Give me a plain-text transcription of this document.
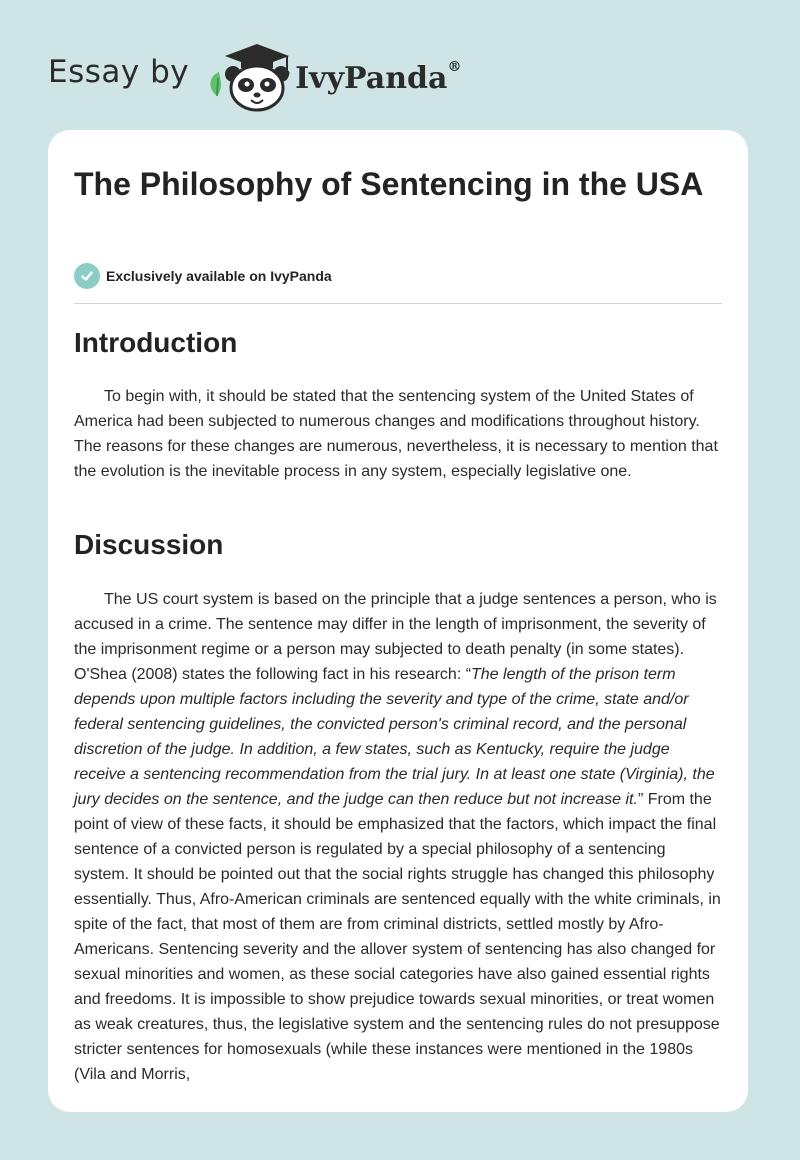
Essay by	IvyPanda®
The Philosophy of Sentencing in the USA
Exclusively available on IvyPanda
Introduction

To begin with, it should be stated that the sentencing system of the United States of America had been subjected to numerous changes and modifications throughout history. The reasons for these changes are numerous, nevertheless, it is necessary to mention that the evolution is the inevitable process in any system, especially legislative one.

Discussion

The US court system is based on the principle that a judge sentences a person, who is accused in a crime. The sentence may differ in the length of imprisonment, the severity of the imprisonment regime or a person may subjected to death penalty (in some states). O'Shea (2008) states the following fact in his research: “The length of the prison term depends upon multiple factors including the severity and type of the crime, state and/or federal sentencing guidelines, the convicted person's criminal record, and the personal discretion of the judge. In addition, a few states, such as Kentucky, require the judge receive a sentencing recommendation from the trial jury. In at least one state (Virginia), the jury decides on the sentence, and the judge can then reduce but not increase it.” From the point of view of these facts, it should be emphasized that the factors, which impact the final sentence of a convicted person is regulated by a special philosophy of a sentencing system. It should be pointed out that the social rights struggle has changed this philosophy essentially. Thus, Afro-American criminals are sentenced equally with the white criminals, in spite of the fact, that most of them are from criminal districts, settled mostly by Afro-Americans. Sentencing severity and the allover system of sentencing has also changed for sexual minorities and women, as these social categories have also gained essential rights and freedoms. It is impossible to show prejudice towards sexual minorities, or treat women as weak creatures, thus, the legislative system and the sentencing rules do not presuppose stricter sentences for homosexuals (while these instances were mentioned in the 1980s (Vila and Morris,
